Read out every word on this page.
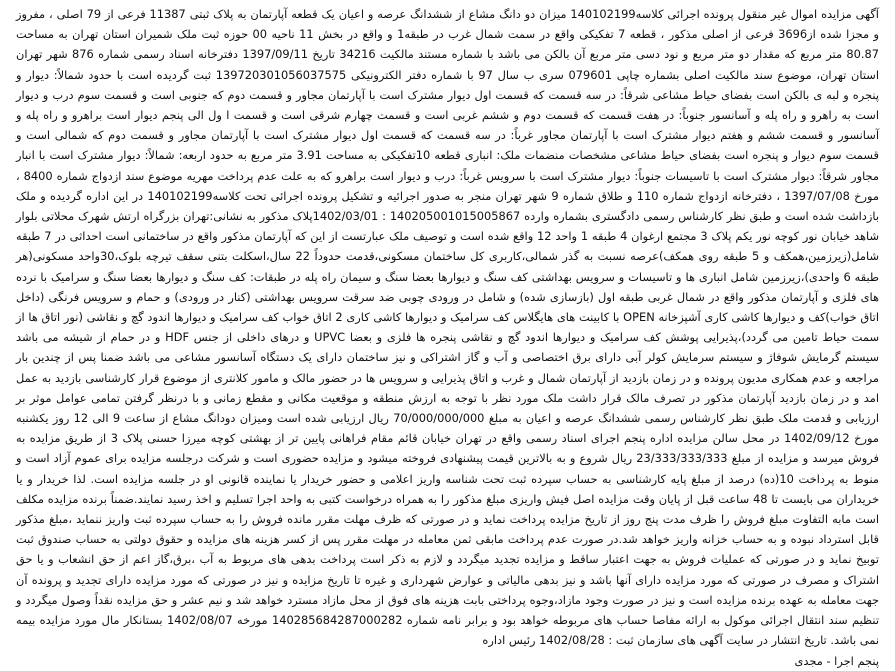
آگهی مزایده اموال غیر منقول پرونده اجرائی کلاسه140102199 میزان دو دانگ مشاع از ششدانگ عرصه و اعیان یک قطعه آپارتمان به پلاک ثبتی 11387 فرعی از 79 اصلی ، مفروز و مجزا شده از3696 فرعی از اصلی مذکور ، قطعه 7 تفکیکی واقع در سمت شمال غرب در طبقه1 و واقع در بخش 11 ناحیه 00 حوزه ثبت ملک شمیران استان تهران به مساحت 80.87 متر مربع که مقدار دو متر مربع و نود دسی متر مربع آن بالکن می باشد با شماره مستند مالکیت 34216 تاریخ 1397/09/11 دفترخانه اسناد رسمی شماره 876 شهر تهران استان تهران، موضوع سند مالکیت اصلی بشماره چاپی 079601 سری ب سال 97 با شماره دفتر الکترونیکی 139720301056037575 ثبت گردیده است با حدود شمالاً: دیوار و پنجره و لبه ی بالکن است بفضای حیاط مشاعی شرقاً: در سه قسمت که قسمت اول دیوار مشترک است با آپارتمان مجاور و قسمت دوم که جنوبی است و قسمت سوم درب و دیوار است به راهرو و راه پله و آسانسور جنوباً: در هفت قسمت که قسمت دوم و ششم غربی است و قسمت چهارم شرقی است و قسمت ا ول الی پنجم دیوار است براهرو و راه پله و آسانسور و قسمت ششم و هفتم دیوار مشترک است با آپارتمان مجاور غرباً: در سه قسمت که قسمت اول دیوار مشترک است با آپارتمان مجاور و قسمت دوم که شمالی است و قسمت سوم دیوار و پنجره است بفضای حیاط مشاعی مشخصات منضمات ملک: انباری قطعه 10تفکیکی به مساحت 3.91 متر مربع به حدود اربعه: شمالاً: دیوار مشترک است با انبار مجاور شرقاً: دیوار مشترک است با تاسیسات جنوباً: دیوار مشترک است با سرویس غرباً: درب و دیوار است براهرو که به علت عدم پرداخت مهریه موضوع سند ازدواج شماره 8400 ، مورخ 1397/07/08 ، دفترخانه ازدواج شماره 110 و طلاق شماره 9 شهر تهران منجر به صدور اجرائیه و تشکیل پرونده اجرائی تحت کلاسه140102199 در این اداره گردیده و ملک بازداشت شده است و طبق نظر کارشناس رسمی دادگستری بشماره وارده 140205001015005867 : 1402/03/01پلاک مذکور به نشانی:تهران بزرگراه ارتش شهرک محلاتی بلوار شاهد خیابان نور کوچه نور یکم پلاک 3 مجتمع ارغوان 4 طبقه 1 واحد 12 واقع شده است و توصیف ملک عبارتست از این که آپارتمان مذکور واقع در ساختمانی است احداثی در 7 طبقه شامل(زیرزمین،همکف و 5 طبقه روی همکف)عرصه نسبت به گذر شمالی،کاربری کل ساختمان مسکونی،قدمت حدوداً 22 سال،اسکلت بتنی سقف تیرچه بلوک،30واحد مسکونی(هر طبقه 6 واحدی)،زیرزمین شامل انباری ها و تاسیسات و سرویس بهداشتی کف سنگ و دیوارها بعضا سنگ و سیمان راه پله در طبقات: کف سنگ و دیوارها بعضا سنگ و سرامیک با نرده های فلزی و آپارتمان مذکور واقع در شمال غربی طبقه اول (بازسازی شده) و شامل در ورودی چوبی ضد سرقت سرویس بهداشتی (کنار در ورودی) و حمام و سرویس فرنگی (داخل اتاق خواب)کف و دیوارها کاشی کاری آشپزخانه OPEN با کابینت های هایگلاس کف سرامیک و دیوارها کاشی کاری 2 اتاق خواب کف سرامیک و دیوارها اندود گچ و نقاشی (نور اتاق ها از سمت حیاط تامین می گردد)،پذیرایی پوشش کف سرامیک و دیوارها اندود گچ و نقاشی پنجره ها فلزی و بعضا UPVC و درهای داخلی از جنس HDF و در حمام از شیشه می باشد سیستم گرمایش شوفاژ و سیستم سرمایش کولر آبی دارای برق اختصاصی و آب و گاز اشتراکی و نیز ساختمان دارای یک دستگاه آسانسور مشاعی می باشد ضمنا پس از چندین بار مراجعه و عدم همکاری مدیون پرونده و در زمان بازدید از آپارتمان شمال و غرب و اتاق پذیرایی و سرویس ها در حضور مالک و مامور کلانتری از موضوع قرار کارشناسی بازدید به عمل امد و در زمان بازدید آپارتمان مذکور در تصرف مالک قرار داشت ملک مورد نظر با توجه به ارزش منطقه و موقعیت مکانی و مقطع زمانی و با درنظر گرفتن تمامی عوامل موثر بر ارزیابی و قدمت ملک طبق نظر کارشناس رسمی ششدانگ عرصه و اعیان به مبلغ 70/000/000/000 ریال ارزیابی شده است ومیزان دودانگ مشاع از ساعت 9 الی 12 روز یکشنبه مورخ 1402/09/12 در محل سالن مزایده اداره پنجم اجرای اسناد رسمی واقع در تهران خیابان قائم مقام فراهانی پایین تر از بهشتی کوچه میرزا حسنی پلاک 3 از طریق مزایده به فروش میرسد و مزایده از مبلغ 23/333/333/333 ریال شروع و به بالاترین قیمت پیشنهادی فروخته میشود و مزایده حضوری است و شرکت درجلسه مزایده برای عموم آزاد است و منوط به پرداخت 10(ده) درصد از مبلغ پایه کارشناسی به حساب سپرده ثبت تحت شناسه واریز اعلامی و حضور خریدار یا نماینده قانونی او در جلسه مزایده است. لذا خریدار و یا خریداران می بایست تا 48 ساعت قبل از پایان وقت مزایده اصل فیش واریزی مبلغ مذکور را به همراه درخواست کتبی به واحد اجرا تسلیم و اخذ رسید نمایند.ضمناً برنده مزایده مکلف است مابه التفاوت مبلغ فروش را ظرف مدت پنج روز از تاریخ مزایده پرداخت نماید و در صورتی که ظرف مهلت مقرر مانده فروش را به حساب سپرده ثبت واریز ننماید ،مبلغ مذکور قابل استرداد نبوده و به حساب خزانه واریز خواهد شد.در صورت عدم پرداخت مابقی ثمن معامله در مهلت مقرر پس از کسر هزینه های مزایده و حقوق دولتی به حساب صندوق ثبت توبیخ نماید و در صورتی که عملیات فروش به جهت اعتبار ساقط و مزایده تجدید میگردد و لازم به ذکر است پرداخت بدهی های مربوط به آب ،برق،گاز اعم از حق انشعاب و یا حق اشتراک و مصرف در صورتی که مورد مزایده دارای آنها باشد و نیز بدهی مالیاتی و عوارض شهرداری و غیره تا تاریخ مزایده و نیز در صورتی که مورد مزایده دارای تجدید و پرونده آن جهت معامله به عهده برنده مزایده است و نیز در صورت وجود مازاد،وجوه پرداختی بابت هزینه های فوق از محل مازاد مسترد خواهد شد و نیم عشر و حق مزایده نقداً وصول میگردد و تنظیم سند انتقال اجرائی موکول به ارائه مفاصا حساب های مربوطه خواهد بود و برابر نامه شماره 140285684287000282 مورخه 1402/08/07 بستانکار مال مورد مزایده بیمه نمی باشد. تاریخ انتشار در سایت آگهی های سازمان ثبت : 1402/08/28 رئیس اداره

پنجم اجرا - مجدی
